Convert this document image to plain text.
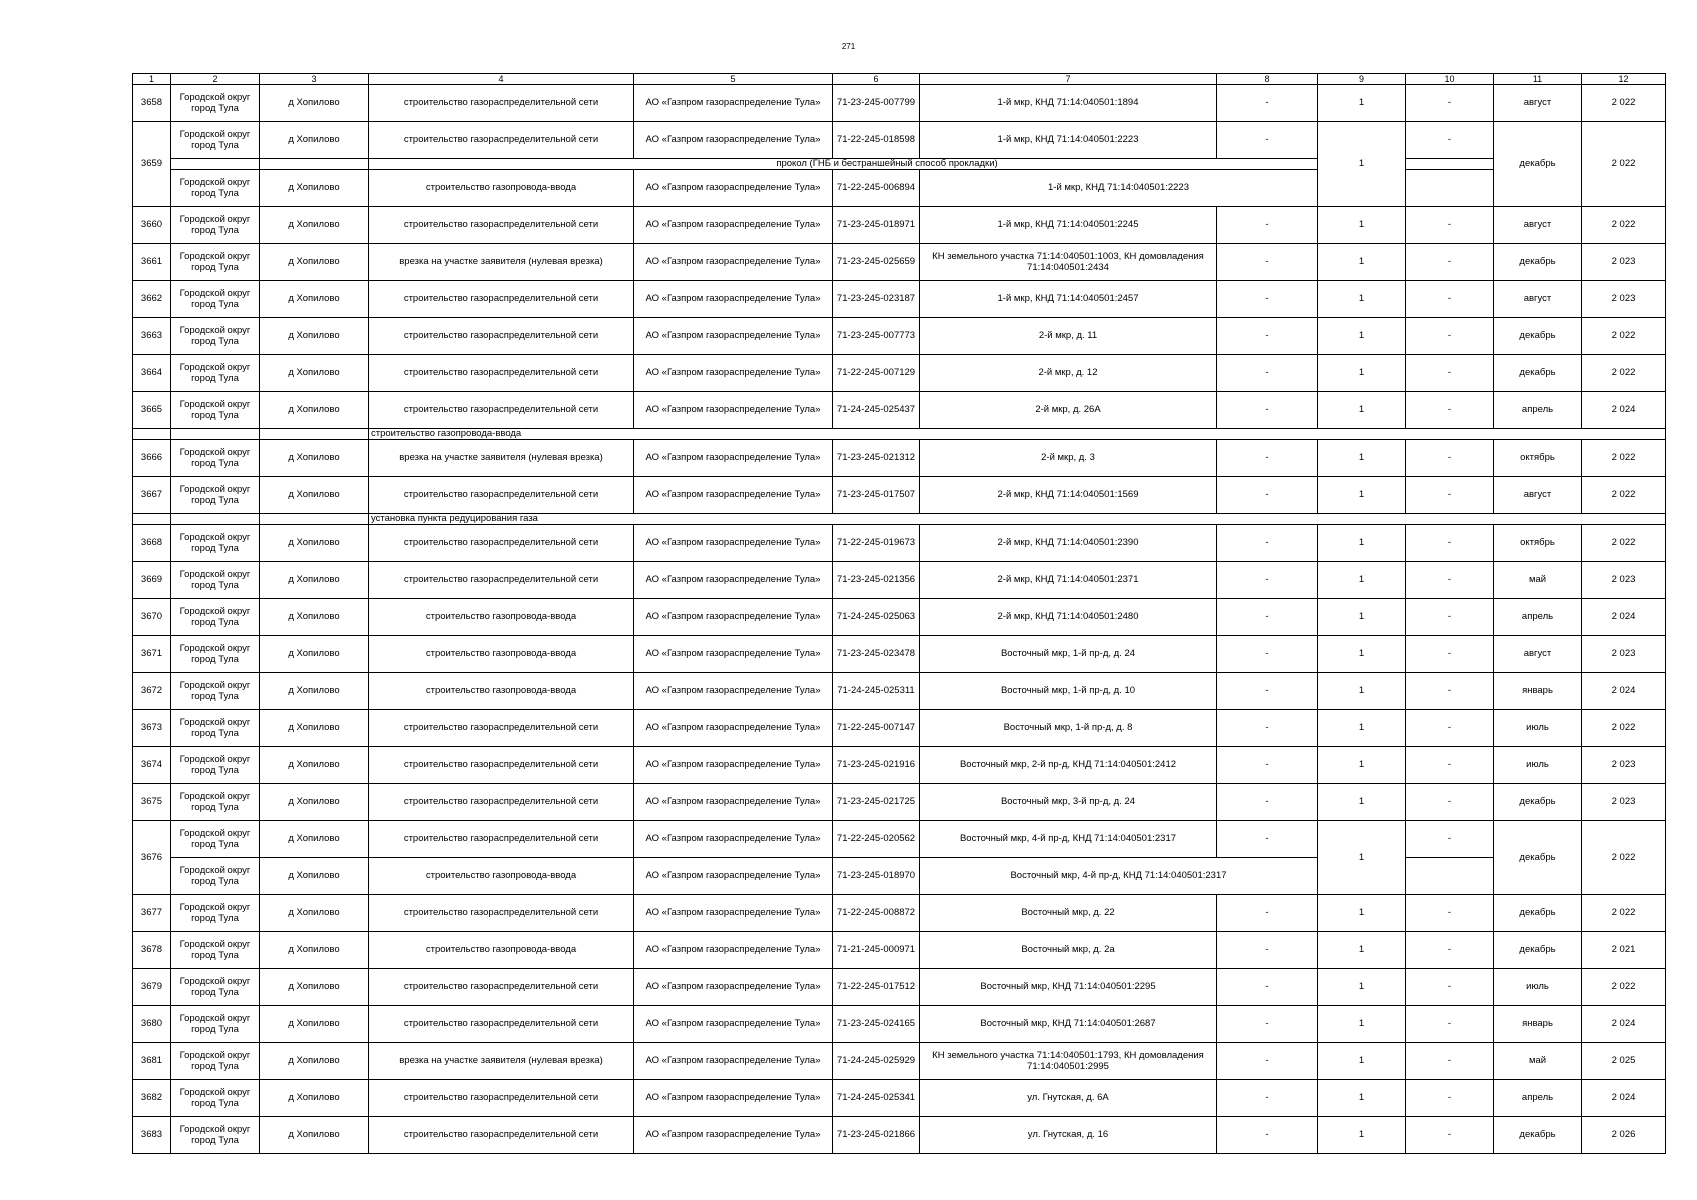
271
1	2	3	4	5	6	7	8	9	10	11	12
3658	Городской округ город Тула	д Хопилово	строительство газораспределительной сети	АО «Газпром газораспределение Тула»	71-23-245-007799	1-й мкр, КНД 71:14:040501:1894	-	1	-	август	2 022
3659	Городской округ город Тула	д Хопилово	строительство газораспределительной сети	АО «Газпром газораспределение Тула»	71-22-245-018598	1-й мкр, КНД 71:14:040501:2223	-	1	-	декабрь	2 022
			прокол (ГНБ и бестраншейный способ прокладки)								
	Городской округ город Тула	д Хопилово	строительство газопровода-ввода	АО «Газпром газораспределение Тула»	71-22-245-006894	1-й мкр, КНД 71:14:040501:2223					
3660	Городской округ город Тула	д Хопилово	строительство газораспределительной сети	АО «Газпром газораспределение Тула»	71-23-245-018971	1-й мкр, КНД 71:14:040501:2245	-	1	-	август	2 022
3661	Городской округ город Тула	д Хопилово	врезка на участке заявителя (нулевая врезка)	АО «Газпром газораспределение Тула»	71-23-245-025659	КН земельного участка 71:14:040501:1003, КН домовладения 71:14:040501:2434	-	1	-	декабрь	2 023
3662	Городской округ город Тула	д Хопилово	строительство газораспределительной сети	АО «Газпром газораспределение Тула»	71-23-245-023187	1-й мкр, КНД 71:14:040501:2457	-	1	-	август	2 023
3663	Городской округ город Тула	д Хопилово	строительство газораспределительной сети	АО «Газпром газораспределение Тула»	71-23-245-007773	2-й мкр, д. 11	-	1	-	декабрь	2 022
3664	Городской округ город Тула	д Хопилово	строительство газораспределительной сети	АО «Газпром газораспределение Тула»	71-22-245-007129	2-й мкр, д. 12	-	1	-	декабрь	2 022
3665	Городской округ город Тула	д Хопилово	строительство газораспределительной сети	АО «Газпром газораспределение Тула»	71-24-245-025437	2-й мкр, д. 26А	-	1	-	апрель	2 024
			строительство газопровода-ввода								
3666	Городской округ город Тула	д Хопилово	врезка на участке заявителя (нулевая врезка)	АО «Газпром газораспределение Тула»	71-23-245-021312	2-й мкр, д. 3	-	1	-	октябрь	2 022
3667	Городской округ город Тула	д Хопилово	строительство газораспределительной сети	АО «Газпром газораспределение Тула»	71-23-245-017507	2-й мкр, КНД 71:14:040501:1569	-	1	-	август	2 022
			установка пункта редуцирования газа								
3668	Городской округ город Тула	д Хопилово	строительство газораспределительной сети	АО «Газпром газораспределение Тула»	71-22-245-019673	2-й мкр, КНД 71:14:040501:2390	-	1	-	октябрь	2 022
3669	Городской округ город Тула	д Хопилово	строительство газораспределительной сети	АО «Газпром газораспределение Тула»	71-23-245-021356	2-й мкр, КНД 71:14:040501:2371	-	1	-	май	2 023
3670	Городской округ город Тула	д Хопилово	строительство газопровода-ввода	АО «Газпром газораспределение Тула»	71-24-245-025063	2-й мкр, КНД 71:14:040501:2480	-	1	-	апрель	2 024
3671	Городской округ город Тула	д Хопилово	строительство газопровода-ввода	АО «Газпром газораспределение Тула»	71-23-245-023478	Восточный мкр, 1-й пр-д, д. 24	-	1	-	август	2 023
3672	Городской округ город Тула	д Хопилово	строительство газопровода-ввода	АО «Газпром газораспределение Тула»	71-24-245-025311	Восточный мкр, 1-й пр-д, д. 10	-	1	-	январь	2 024
3673	Городской округ город Тула	д Хопилово	строительство газораспределительной сети	АО «Газпром газораспределение Тула»	71-22-245-007147	Восточный мкр, 1-й пр-д, д. 8	-	1	-	июль	2 022
3674	Городской округ город Тула	д Хопилово	строительство газораспределительной сети	АО «Газпром газораспределение Тула»	71-23-245-021916	Восточный мкр, 2-й пр-д, КНД 71:14:040501:2412	-	1	-	июль	2 023
3675	Городской округ город Тула	д Хопилово	строительство газораспределительной сети	АО «Газпром газораспределение Тула»	71-23-245-021725	Восточный мкр, 3-й пр-д, д. 24	-	1	-	декабрь	2 023
3676	Городской округ город Тула	д Хопилово	строительство газораспределительной сети	АО «Газпром газораспределение Тула»	71-22-245-020562	Восточный мкр, 4-й пр-д, КНД 71:14:040501:2317	-	1	-	декабрь	2 022
	Городской округ город Тула	д Хопилово	строительство газопровода-ввода	АО «Газпром газораспределение Тула»	71-23-245-018970	Восточный мкр, 4-й пр-д, КНД 71:14:040501:2317					
3677	Городской округ город Тула	д Хопилово	строительство газораспределительной сети	АО «Газпром газораспределение Тула»	71-22-245-008872	Восточный мкр, д. 22	-	1	-	декабрь	2 022
3678	Городской округ город Тула	д Хопилово	строительство газопровода-ввода	АО «Газпром газораспределение Тула»	71-21-245-000971	Восточный мкр, д. 2а	-	1	-	декабрь	2 021
3679	Городской округ город Тула	д Хопилово	строительство газораспределительной сети	АО «Газпром газораспределение Тула»	71-22-245-017512	Восточный мкр, КНД 71:14:040501:2295	-	1	-	июль	2 022
3680	Городской округ город Тула	д Хопилово	строительство газораспределительной сети	АО «Газпром газораспределение Тула»	71-23-245-024165	Восточный мкр, КНД 71:14:040501:2687	-	1	-	январь	2 024
3681	Городской округ город Тула	д Хопилово	врезка на участке заявителя (нулевая врезка)	АО «Газпром газораспределение Тула»	71-24-245-025929	КН земельного участка 71:14:040501:1793, КН домовладения 71:14:040501:2995	-	1	-	май	2 025
3682	Городской округ город Тула	д Хопилово	строительство газораспределительной сети	АО «Газпром газораспределение Тула»	71-24-245-025341	ул. Гнутская, д. 6А	-	1	-	апрель	2 024
3683	Городской округ город Тула	д Хопилово	строительство газораспределительной сети	АО «Газпром газораспределение Тула»	71-23-245-021866	ул. Гнутская, д. 16	-	1	-	декабрь	2 026
